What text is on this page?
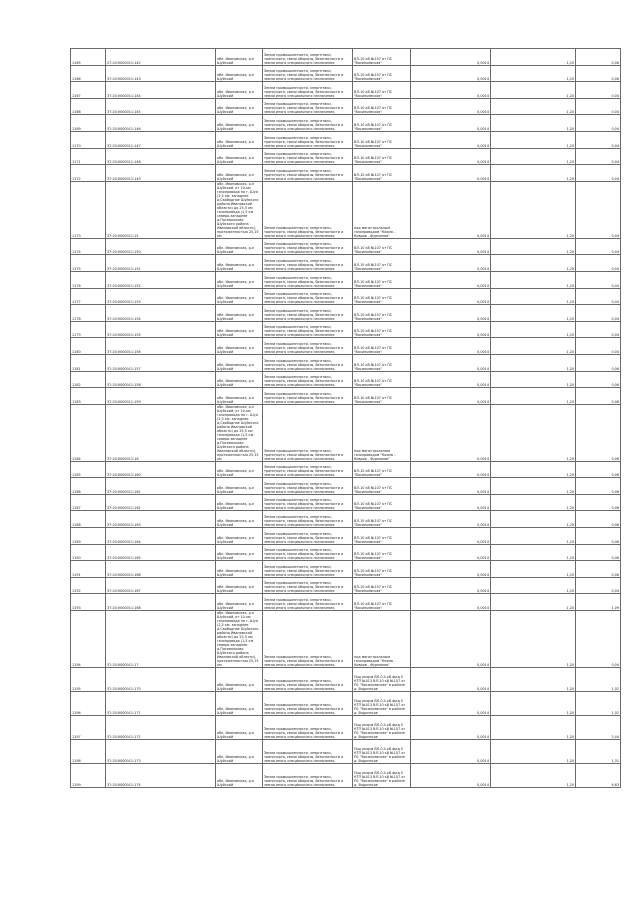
1165	27:20:0000011:142	обл. Ивановская, р-н Шуйский	Земли промышленности, энергетики, транспорта, связи обороны, безопасности и земли иного специального назначения	ВЛ-10 кВ №107 от ПС "Васильевская"	0,0014	1,20	0,06
1166	37:20:0000011:143	обл. Ивановская, р-н Шуйский	Земли промышленности, энергетики, транспорта, связи обороны, безопасности и земли иного специального назначения	ВЛ-10 кВ №107 от ПС "Васильевская"	0,0014	1,20	0,06
1167	37:20:0000011:144	обл. Ивановская, р-н Шуйский	Земли промышленности, энергетики, транспорта, связи обороны, безопасности и земли иного специального назначения	ВЛ-10 кВ №107 от ПС "Васильевская"	0,0014	1,20	0,04
1168	37:20:0000011:145	обл. Ивановская, р-н Шуйский	Земли промышленности, энергетики, транспорта, связи обороны, безопасности и земли иного специального назначения	ВЛ-10 кВ №107 от ПС "Васильевская"	0,0014	1,20	0,04
1169	37:20:0000011:146	обл. Ивановская, р-н Шуйский	Земли промышленности, энергетики, транспорта, связи обороны, безопасности и земли иного специального назначения	ВЛ-10 кВ №107 от ПС "Васильевская"	0,0014	1,20	0,04
1170	37:20:0000011:147	обл. Ивановская, р-н Шуйский	Земли промышленности, энергетики, транспорта, связи обороны, безопасности и земли иного специального назначения	ВЛ-10 кВ №107 от ПС "Васильевская"	0,0014	1,20	0,04
1171	37:20:0000011:148	обл. Ивановская, р-н Шуйский	Земли промышленности, энергетики, транспорта, связи обороны, безопасности и земли иного специального назначения	ВЛ-10 кВ №107 от ПС "Васильевская"	0,0014	1,20	0,04
1172	37:20:0000011:149	обл. Ивановская, р-н Шуйский	Земли промышленности, энергетики, транспорта, связи обороны, безопасности и земли иного специального назначения	ВЛ-10 кВ №107 от ПС "Васильевская"	0,0014	1,20	0,04
1173	37:20:0000011:15	обл. Ивановская, р-н Шуйский, от 10-км газопровода на г. Шуя (2,5 км. западнее д.Свободное Шуйского района Ивановской области) до 25,5 км газопровода (1,5 км северо-западнее д.Посеволково Шуйского района Ивановской области), протяженностью 25,15 км	Земли промышленности, энергетики, транспорта, связи обороны, безопасности и земли иного специального назначения	под магистральным газопроводом "Кохма - Ковров - Фурманов"	0,0014	1,20	0,04
1174	37:20:0000011:150	обл. Ивановская, р-н Шуйский	Земли промышленности, энергетики, транспорта, связи обороны, безопасности и земли иного специального назначения	ВЛ-10 кВ №107 от ПС "Васильевская"	0,0014	1,20	0,04
1175	37:20:0000011:151	обл. Ивановская, р-н Шуйский	Земли промышленности, энергетики, транспорта, связи обороны, безопасности и земли иного специального назначения	ВЛ-10 кВ №107 от ПС "Васильевская"	0,0014	1,20	0,04
1176	37:20:0000011:152	обл. Ивановская, р-н Шуйский	Земли промышленности, энергетики, транспорта, связи обороны, безопасности и земли иного специального назначения	ВЛ-10 кВ №107 от ПС "Васильевская"	0,0014	1,20	0,04
1177	37:20:0000011:153	обл. Ивановская, р-н Шуйский	Земли промышленности, энергетики, транспорта, связи обороны, безопасности и земли иного специального назначения	ВЛ-10 кВ №107 от ПС "Васильевская"	0,0014	1,20	0,04
1178	37:20:0000011:154	обл. Ивановская, р-н Шуйский	Земли промышленности, энергетики, транспорта, связи обороны, безопасности и земли иного специального назначения	ВЛ-10 кВ №107 от ПС "Васильевская"	0,0014	1,20	0,04
1179	37:20:0000011:155	обл. Ивановская, р-н Шуйский	Земли промышленности, энергетики, транспорта, связи обороны, безопасности и земли иного специального назначения	ВЛ-10 кВ №107 от ПС "Васильевская"	0,0014	1,20	0,04
1180	37:20:0000011:156	обл. Ивановская, р-н Шуйский	Земли промышленности, энергетики, транспорта, связи обороны, безопасности и земли иного специального назначения	ВЛ-10 кВ №107 от ПС "Васильевская"	0,0014	1,20	0,04
1181	37:20:0000011:157	обл. Ивановская, р-н Шуйский	Земли промышленности, энергетики, транспорта, связи обороны, безопасности и земли иного специального назначения	ВЛ-10 кВ №107 от ПС "Васильевская"	0,0014	1,20	0,06
1182	37:20:0000011:158	обл. Ивановская, р-н Шуйский	Земли промышленности, энергетики, транспорта, связи обороны, безопасности и земли иного специального назначения	ВЛ-10 кВ №107 от ПС "Васильевская"	0,0014	1,20	0,06
1183	37:20:0000011:159	обл. Ивановская, р-н Шуйский	Земли промышленности, энергетики, транспорта, связи обороны, безопасности и земли иного специального назначения	ВЛ-10 кВ №107 от ПС "Васильевская"	0,0014	1,20	0,06
1184	37:20:0000011:16	обл. Ивановская, р-н Шуйский, от 10-км газопровода на г. Шуя (2,5 км. западнее д.Свободное Шуйского района Ивановской области) до 25,5 км газопровода (1,5 км северо-западнее д.Посеволково Шуйского района Ивановской области), протяженностью 25,15 км	Земли промышленности, энергетики, транспорта, связи обороны, безопасности и земли иного специального назначения	под магистральным газопроводом "Кохма - Ковров - Фурманов"	0,0014	1,20	0,06
1185	37:20:0000011:160	обл. Ивановская, р-н Шуйский	Земли промышленности, энергетики, транспорта, связи обороны, безопасности и земли иного специального назначения	ВЛ-10 кВ №107 от ПС "Васильевская"	0,0014	1,20	0,06
1186	37:20:0000011:161	обл. Ивановская, р-н Шуйский	Земли промышленности, энергетики, транспорта, связи обороны, безопасности и земли иного специального назначения	ВЛ-10 кВ №107 от ПС "Васильевская"	0,0014	1,20	0,06
1187	37:20:0000011:162	обл. Ивановская, р-н Шуйский	Земли промышленности, энергетики, транспорта, связи обороны, безопасности и земли иного специального назначения	ВЛ-10 кВ №107 от ПС "Васильевская"	0,0014	1,20	0,06
1188	37:20:0000011:163	обл. Ивановская, р-н Шуйский	Земли промышленности, энергетики, транспорта, связи обороны, безопасности и земли иного специального назначения	ВЛ-10 кВ №107 от ПС "Васильевская"	0,0014	1,20	0,06
1189	37:20:0000011:164	обл. Ивановская, р-н Шуйский	Земли промышленности, энергетики, транспорта, связи обороны, безопасности и земли иного специального назначения	ВЛ-10 кВ №107 от ПС "Васильевская"	0,0014	1,20	0,06
1190	37:20:0000011:165	обл. Ивановская, р-н Шуйский	Земли промышленности, энергетики, транспорта, связи обороны, безопасности и земли иного специального назначения	ВЛ-10 кВ №107 от ПС "Васильевская"	0,0014	1,20	0,06
1191	37:20:0000011:166	обл. Ивановская, р-н Шуйский	Земли промышленности, энергетики, транспорта, связи обороны, безопасности и земли иного специального назначения	ВЛ-10 кВ №107 от ПС "Васильевская"	0,0014	1,20	0,06
1192	37:20:0000011:167	обл. Ивановская, р-н Шуйский	Земли промышленности, энергетики, транспорта, связи обороны, безопасности и земли иного специального назначения	ВЛ-10 кВ №107 от ПС "Васильевская"	0,0014	1,20	0,04
1193	37:20:0000011:168	обл. Ивановская, р-н Шуйский	Земли промышленности, энергетики, транспорта, связи обороны, безопасности и земли иного специального назначения	ВЛ-10 кВ №107 от ПС "Васильевская"	0,0014	1,20	1,09
1194	37:20:0000011:17	обл. Ивановская, р-н Шуйский, от 10-км газопровода на г. Шуя (2,5 км. западнее д.Свободное Шуйского района Ивановской области) до 25,5 км газопровода (1,5 км северо-западнее д.Посеволково Шуйского района Ивановской области), протяженностью 25,15 км	Земли промышленности, энергетики, транспорта, связи обороны, безопасности и земли иного специального назначения	под магистральным газопроводом "Кохма - Ковров - Фурманов"	0,0014	1,20	0,04
1195	37:20:0000011:170	обл. Ивановская, р-н Шуйский	Земли промышленности, энергетики, транспорта, связи обороны, безопасности и земли иного специального назначения	Под опоры ВЛ-0,4 кВ фид.5 КТП №413 ВЛ-10 кВ №107 от ПС "Васильевская" в районе д. Водинское	0,0014	1,20	1,02
1196	37:20:0000011:171	обл. Ивановская, р-н Шуйский	Земли промышленности, энергетики, транспорта, связи обороны, безопасности и земли иного специального назначения	Под опоры ВЛ-0,4 кВ фид.5 КТП №413 ВЛ-10 кВ №107 от ПС "Васильевская" в районе д. Водинское	0,0014	1,20	1,02
1197	37:20:0000011:172	обл. Ивановская, р-н Шуйский	Земли промышленности, энергетики, транспорта, связи обороны, безопасности и земли иного специального назначения	Под опоры ВЛ-0,4 кВ фид.5 КТП №413 ВЛ-10 кВ №107 от ПС "Васильевская" в районе д. Водинское	0,0014	1,20	2,44
1198	37:20:0000011:173	обл. Ивановская, р-н Шуйский	Земли промышленности, энергетики, транспорта, связи обороны, безопасности и земли иного специального назначения	Под опоры ВЛ-0,4 кВ фид.5 КТП №413 ВЛ-10 кВ №107 от ПС "Васильевская" в районе д. Водинское	0,0014	1,20	1,31
1199	37:20:0000011:174	обл. Ивановская, р-н Шуйский	Земли промышленности, энергетики, транспорта, связи обороны, безопасности и земли иного специального назначения	Под опоры ВЛ-0,4 кВ фид.5 КТП №413 ВЛ-10 кВ №107 от ПС "Васильевская" в районе д. Водинское	0,0014	1,20	4,63
